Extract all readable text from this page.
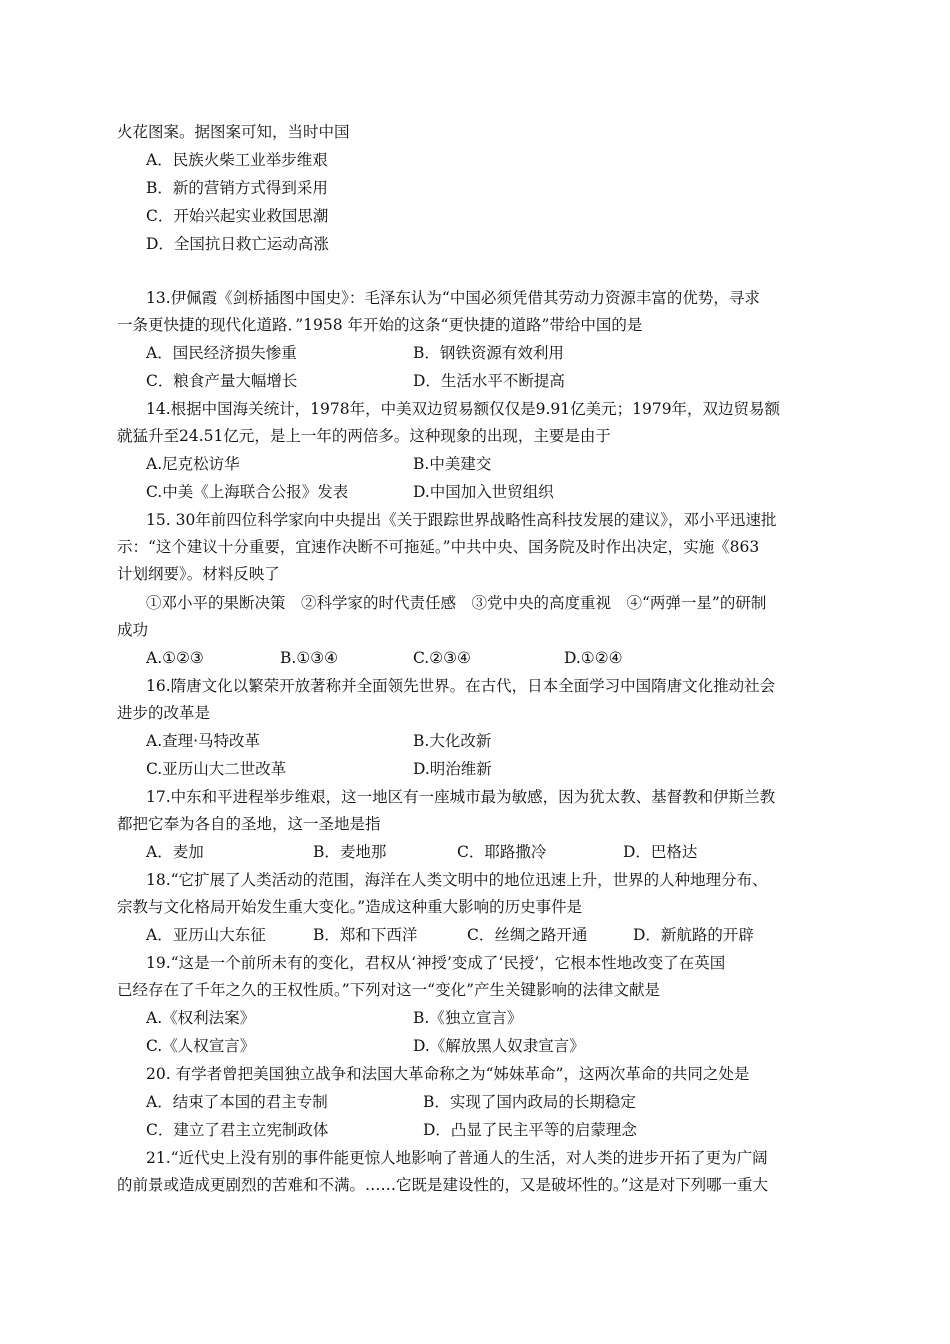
火花图案。据图案可知，当时中国
A．民族火柴工业举步维艰
B．新的营销方式得到采用
C．开始兴起实业救国思潮
D．全国抗日救亡运动高涨
13.伊佩霞《剑桥插图中国史》：毛泽东认为“中国必须凭借其劳动力资源丰富的优势，寻求
一条更快捷的现代化道路．”1958 年开始的这条“更快捷的道路”带给中国的是
A．国民经济损失惨重	B．钢铁资源有效利用
C．粮食产量大幅增长	D．生活水平不断提高
14.根据中国海关统计，1978年，中美双边贸易额仅仅是9.91亿美元；1979年，双边贸易额
就猛升至24.51亿元，是上一年的两倍多。这种现象的出现，主要是由于
A.尼克松访华	B.中美建交
C.中美《上海联合公报》发表	D.中国加入世贸组织
15. 30年前四位科学家向中央提出《关于跟踪世界战略性高科技发展的建议》，邓小平迅速批
示：“这个建议十分重要，宜速作决断不可拖延。”中共中央、国务院及时作出决定，实施《863
计划纲要》。材料反映了
①邓小平的果断决策　②科学家的时代责任感　③党中央的高度重视　④“两弹一星”的研制
成功
A.①②③	B.①③④	C.②③④	D.①②④
16.隋唐文化以繁荣开放著称并全面领先世界。在古代，日本全面学习中国隋唐文化推动社会
进步的改革是
A.查理·马特改革	B.大化改新
C.亚历山大二世改革	D.明治维新
17.中东和平进程举步维艰，这一地区有一座城市最为敏感，因为犹太教、基督教和伊斯兰教
都把它奉为各自的圣地，这一圣地是指
A．麦加	B．麦地那	C．耶路撒冷	D．巴格达
18.“它扩展了人类活动的范围，海洋在人类文明中的地位迅速上升，世界的人种地理分布、
宗教与文化格局开始发生重大变化。”造成这种重大影响的历史事件是
A．亚历山大东征	B．郑和下西洋	C．丝绸之路开通	D．新航路的开辟
19.“这是一个前所未有的变化，君权从‘神授’变成了‘民授’，它根本性地改变了在英国
已经存在了千年之久的王权性质。”下列对这一“变化”产生关键影响的法律文献是
A.《权利法案》	B.《独立宣言》
C.《人权宣言》	D.《解放黑人奴隶宣言》
20. 有学者曾把美国独立战争和法国大革命称之为“姊妹革命”，这两次革命的共同之处是
A．结束了本国的君主专制	B．实现了国内政局的长期稳定
C．建立了君主立宪制政体	D．凸显了民主平等的启蒙理念
21.“近代史上没有别的事件能更惊人地影响了普通人的生活，对人类的进步开拓了更为广阔
的前景或造成更剧烈的苦难和不满。……它既是建设性的，又是破坏性的。”这是对下列哪一重大
